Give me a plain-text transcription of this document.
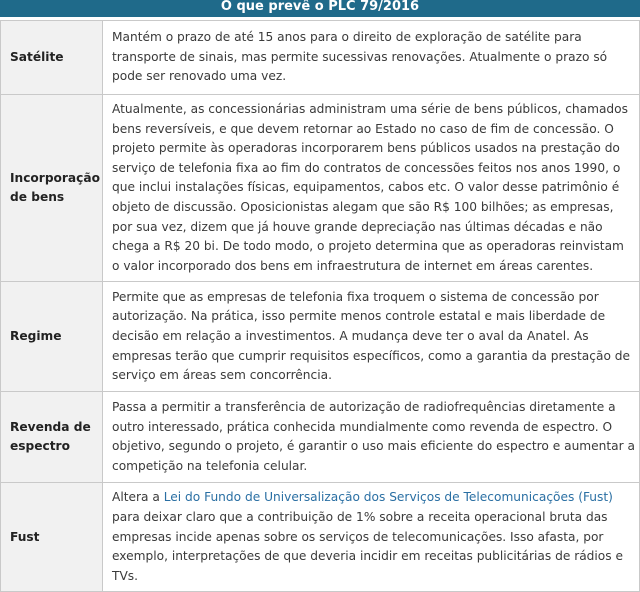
O que prevê o PLC 79/2016
Satélite	Mantém o prazo de até 15 anos para o direito de exploração de satélite para transporte de sinais, mas permite sucessivas renovações. Atualmente o prazo só pode ser renovado uma vez.
Incorporação de bens	Atualmente, as concessionárias administram uma série de bens públicos, chamados bens reversíveis, e que devem retornar ao Estado no caso de fim de concessão. O projeto permite às operadoras incorporarem bens públicos usados na prestação do serviço de telefonia fixa ao fim do contratos de concessões feitos nos anos 1990, o que inclui instalações físicas, equipamentos, cabos etc. O valor desse patrimônio é objeto de discussão. Oposicionistas alegam que são R$ 100 bilhões; as empresas, por sua vez, dizem que já houve grande depreciação nas últimas décadas e não chega a R$ 20 bi. De todo modo, o projeto determina que as operadoras reinvistam o valor incorporado dos bens em infraestrutura de internet em áreas carentes.
Regime	Permite que as empresas de telefonia fixa troquem o sistema de concessão por autorização. Na prática, isso permite menos controle estatal e mais liberdade de decisão em relação a investimentos. A mudança deve ter o aval da Anatel. As empresas terão que cumprir requisitos específicos, como a garantia da prestação de serviço em áreas sem concorrência.
Revenda de espectro	Passa a permitir a transferência de autorização de radiofrequências diretamente a outro interessado, prática conhecida mundialmente como revenda de espectro. O objetivo, segundo o projeto, é garantir o uso mais eficiente do espectro e aumentar a competição na telefonia celular.
Fust	Altera a Lei do Fundo de Universalização dos Serviços de Telecomunicações (Fust) para deixar claro que a contribuição de 1% sobre a receita operacional bruta das empresas incide apenas sobre os serviços de telecomunicações. Isso afasta, por exemplo, interpretações de que deveria incidir em receitas publicitárias de rádios e TVs.
